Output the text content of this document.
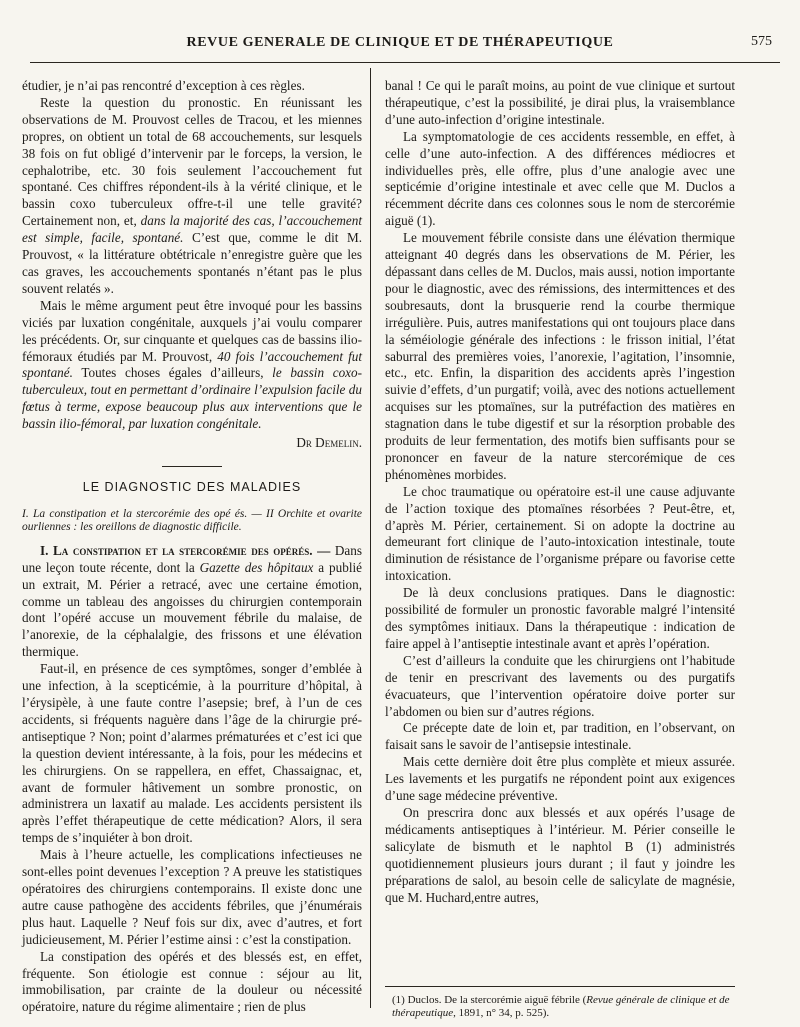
REVUE GENERALE DE CLINIQUE ET DE THÉRAPEUTIQUE	575

étudier, je n’ai pas rencontré d’exception à ces règles.

Reste la question du pronostic. En réunissant les observations de M. Prouvost celles de Tracou, et les miennes propres, on obtient un total de 68 accouchements, sur lesquels 38 fois on fut obligé d’intervenir par le forceps, la version, le cephalotribe, etc. 30 fois seulement l’accouchement fut spontané. Ces chiffres répondent-ils à la vérité clinique, et le bassin coxo tuberculeux offre-t-il une telle gravité? Certainement non, et, dans la majorité des cas, l’accouchement est simple, facile, spontané. C’est que, comme le dit M. Prouvost, « la littérature obtétricale n’enregistre guère que les cas graves, les accouchements spontanés n’étant pas le plus souvent relatés ».

Mais le même argument peut être invoqué pour les bassins viciés par luxation congénitale, auxquels j’ai voulu comparer les précédents. Or, sur cinquante et quelques cas de bassins ilio-fémoraux étudiés par M. Prouvost, 40 fois l’accouchement fut spontané. Toutes choses égales d’ailleurs, le bassin coxo-tuberculeux, tout en permettant d’ordinaire l’expulsion facile du fœtus à terme, expose beaucoup plus aux interventions que le bassin ilio-fémoral, par luxation congénitale.

Dr Demelin.
LE DIAGNOSTIC DES MALADIES

I. La constipation et la stercorémie des opé és. — II Orchite et ovarite ourliennes : les oreillons de diagnostic difficile.

I. La constipation et la stercorémie des opérés. — Dans une leçon toute récente, dont la Gazette des hôpitaux a publié un extrait, M. Périer a retracé, avec une certaine émotion, comme un tableau des angoisses du chirurgien contemporain dont l’opéré accuse un mouvement fébrile du malaise, de l’anorexie, de la céphalalgie, des frissons et une élévation thermique.

Faut-il, en présence de ces symptômes, songer d’emblée à une infection, à la scepticémie, à la pourriture d’hôpital, à l’érysipèle, à une faute contre l’asepsie; bref, à l’un de ces accidents, si fréquents naguère dans l’âge de la chirurgie pré-antiseptique ? Non; point d’alarmes prématurées et c’est ici que la question devient intéressante, à la fois, pour les médecins et les chirurgiens. On se rappellera, en effet, Chassaignac, et, avant de formuler hâtivement un sombre pronostic, on administrera un laxatif au malade. Les accidents persistent ils après l’effet thérapeutique de cette médication? Alors, il sera temps de s’inquiéter à bon droit.

Mais à l’heure actuelle, les complications infectieuses ne sont-elles point devenues l’exception ? A preuve les statistiques opératoires des chirurgiens contemporains. Il existe donc une autre cause pathogène des accidents fébriles, que j’énumérais plus haut. Laquelle ? Neuf fois sur dix, avec d’autres, et fort judicieusement, M. Périer l’estime ainsi : c’est la constipation.

La constipation des opérés et des blessés est, en effet, fréquente. Son étiologie est connue : séjour au lit, immobilisation, par crainte de la douleur ou nécessité opératoire, nature du régime alimentaire ; rien de plus

banal ! Ce qui le paraît moins, au point de vue clinique et surtout thérapeutique, c’est la possibilité, je dirai plus, la vraisemblance d’une auto-infection d’origine intestinale.

La symptomatologie de ces accidents ressemble, en effet, à celle d’une auto-infection. A des différences médiocres et individuelles près, elle offre, plus d’une analogie avec une septicémie d’origine intestinale et avec celle que M. Duclos a récemment décrite dans ces colonnes sous le nom de stercorémie aiguë (1).

Le mouvement fébrile consiste dans une élévation thermique atteignant 40 degrés dans les observations de M. Périer, les dépassant dans celles de M. Duclos, mais aussi, notion importante pour le diagnostic, avec des rémissions, des intermittences et des soubresauts, dont la brusquerie rend la courbe thermique irrégulière. Puis, autres manifestations qui ont toujours place dans la séméiologie générale des infections : le frisson initial, l’état saburral des premières voies, l’anorexie, l’agitation, l’insomnie, etc., etc. Enfin, la disparition des accidents après l’ingestion suivie d’effets, d’un purgatif; voilà, avec des notions actuellement acquises sur les ptomaïnes, sur la putréfaction des matières en stagnation dans le tube digestif et sur la résorption probable des produits de leur fermentation, des motifs bien suffisants pour se prononcer en faveur de la nature stercorémique de ces phénomènes morbides.

Le choc traumatique ou opératoire est-il une cause adjuvante de l’action toxique des ptomaïnes résorbées ? Peut-être, et, d’après M. Périer, certainement. Si on adopte la doctrine au demeurant fort clinique de l’auto-intoxication intestinale, toute diminution de résistance de l’organisme prépare ou favorise cette intoxication.

De là deux conclusions pratiques. Dans le diagnostic: possibilité de formuler un pronostic favorable malgré l’intensité des symptômes initiaux. Dans la thérapeutique : indication de faire appel à l’antiseptie intestinale avant et après l’opération.

C’est d’ailleurs la conduite que les chirurgiens ont l’habitude de tenir en prescrivant des lavements ou des purgatifs évacuateurs, que l’intervention opératoire doive porter sur l’abdomen ou bien sur d’autres régions.

Ce précepte date de loin et, par tradition, en l’observant, on faisait sans le savoir de l’antisepsie intestinale.

Mais cette dernière doit être plus complète et mieux assurée. Les lavements et les purgatifs ne répondent point aux exigences d’une sage médecine préventive.

On prescrira donc aux blessés et aux opérés l’usage de médicaments antiseptiques à l’intérieur. M. Périer conseille le salicylate de bismuth et le naphtol B (1) administrés quotidiennement plusieurs jours durant ; il faut y joindre les préparations de salol, au besoin celle de salicylate de magnésie, que M. Huchard,entre autres,

(1) Duclos. De la stercorémie aiguë fébrile (Revue générale de clinique et de thérapeutique, 1891, n° 34, p. 525).
